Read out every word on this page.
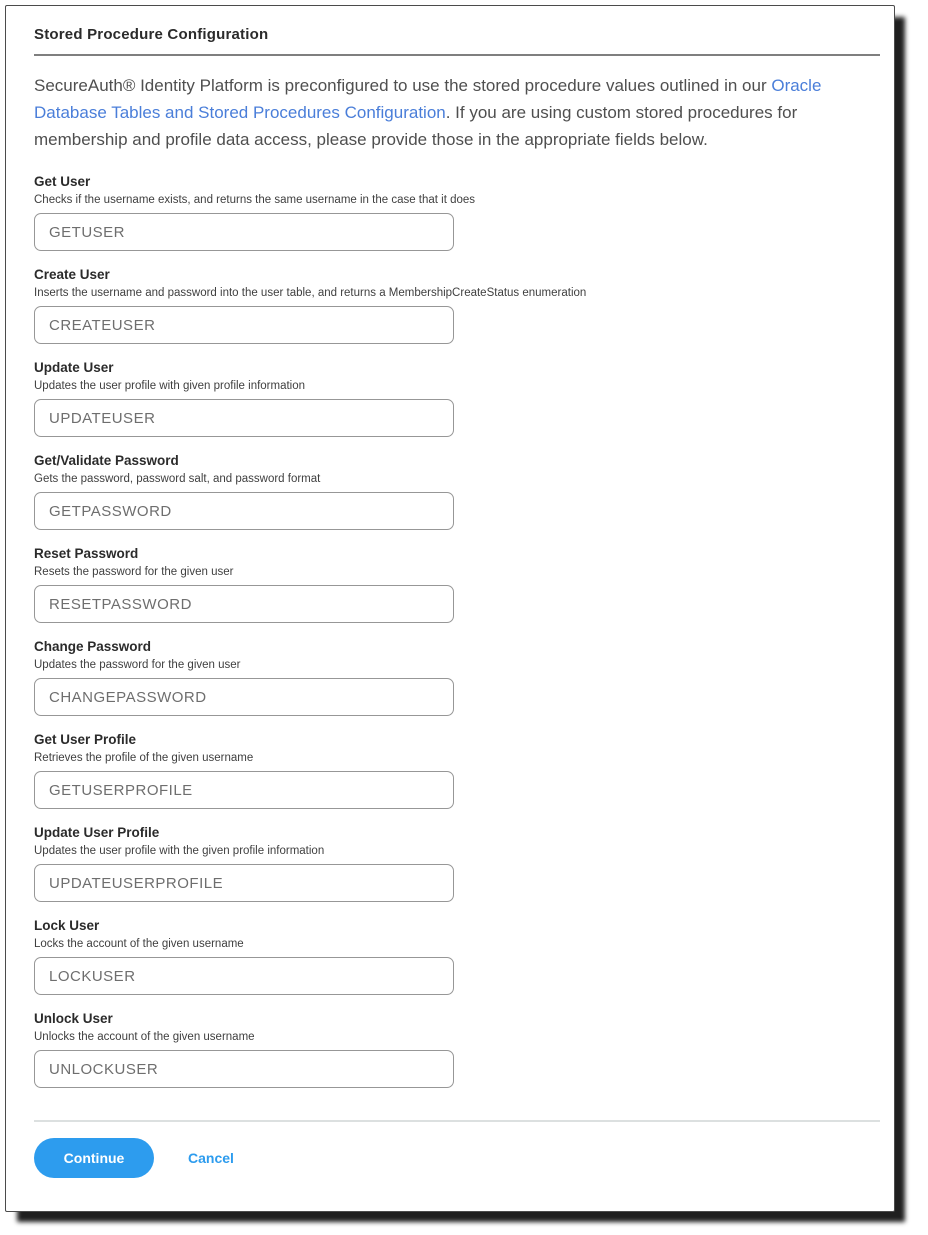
Stored Procedure Configuration

SecureAuth® Identity Platform is preconfigured to use the stored procedure values outlined in our Oracle Database Tables and Stored Procedures Configuration. If you are using custom stored procedures for membership and profile data access, please provide those in the appropriate fields below.

Get User
Checks if the username exists, and returns the same username in the case that it does
GETUSER
Create User
Inserts the username and password into the user table, and returns a MembershipCreateStatus enumeration
CREATEUSER
Update User
Updates the user profile with given profile information
UPDATEUSER
Get/Validate Password
Gets the password, password salt, and password format
GETPASSWORD
Reset Password
Resets the password for the given user
RESETPASSWORD
Change Password
Updates the password for the given user
CHANGEPASSWORD
Get User Profile
Retrieves the profile of the given username
GETUSERPROFILE
Update User Profile
Updates the user profile with the given profile information
UPDATEUSERPROFILE
Lock User
Locks the account of the given username
LOCKUSER
Unlock User
Unlocks the account of the given username
UNLOCKUSER
Continue	Cancel
